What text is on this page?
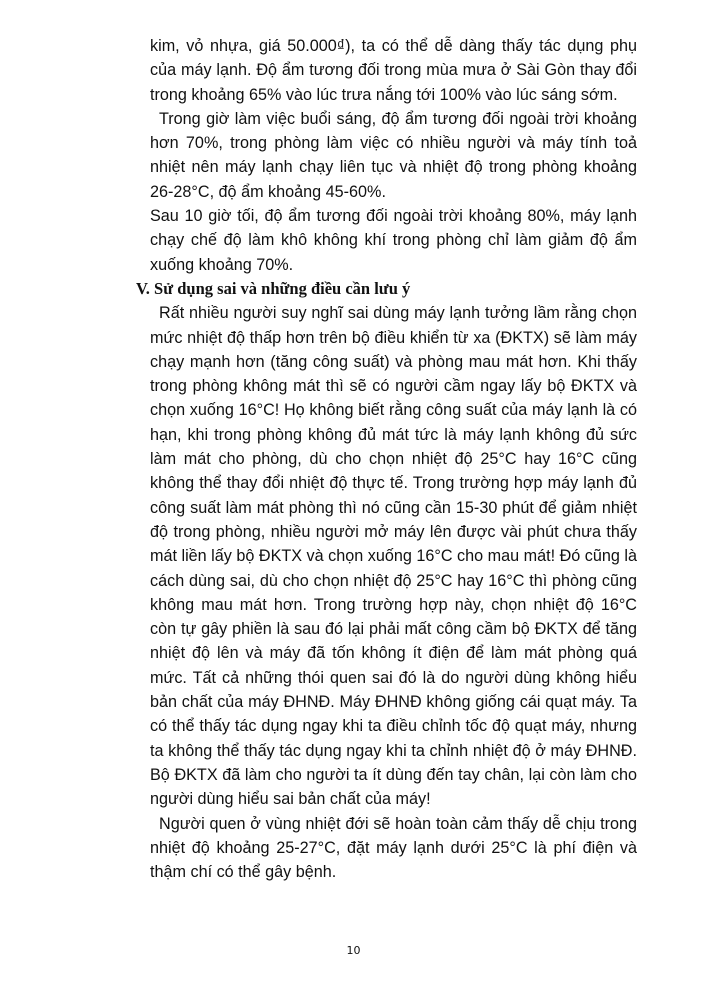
kim, vỏ nhựa, giá 50.000₫), ta có thể dễ dàng thấy tác dụng phụ của máy lạnh. Độ ẩm tương đối trong mùa mưa ở Sài Gòn thay đổi trong khoảng 65% vào lúc trưa nắng tới 100% vào lúc sáng sớm.

Trong giờ làm việc buổi sáng, độ ẩm tương đối ngoài trời khoảng hơn 70%, trong phòng làm việc có nhiều người và máy tính toả nhiệt nên máy lạnh chạy liên tục và nhiệt độ trong phòng khoảng 26-28°C, độ ẩm khoảng 45-60%.

Sau 10 giờ tối, độ ẩm tương đối ngoài trời khoảng 80%, máy lạnh chạy chế độ làm khô không khí trong phòng chỉ làm giảm độ ẩm xuống khoảng 70%.

V. Sử dụng sai và những điều cần lưu ý

Rất nhiều người suy nghĩ sai dùng máy lạnh tưởng lầm rằng chọn mức nhiệt độ thấp hơn trên bộ điều khiển từ xa (ĐKTX) sẽ làm máy chạy mạnh hơn (tăng công suất) và phòng mau mát hơn. Khi thấy trong phòng không mát thì sẽ có người cầm ngay lấy bộ ĐKTX và chọn xuống 16°C! Họ không biết rằng công suất của máy lạnh là có hạn, khi trong phòng không đủ mát tức là máy lạnh không đủ sức làm mát cho phòng, dù cho chọn nhiệt độ 25°C hay 16°C cũng không thể thay đổi nhiệt độ thực tế. Trong trường hợp máy lạnh đủ công suất làm mát phòng thì nó cũng cần 15-30 phút để giảm nhiệt độ trong phòng, nhiều người mở máy lên được vài phút chưa thấy mát liền lấy bộ ĐKTX và chọn xuống 16°C cho mau mát! Đó cũng là cách dùng sai, dù cho chọn nhiệt độ 25°C hay 16°C thì phòng cũng không mau mát hơn. Trong trường hợp này, chọn nhiệt độ 16°C còn tự gây phiền là sau đó lại phải mất công cầm bộ ĐKTX để tăng nhiệt độ lên và máy đã tốn không ít điện để làm mát phòng quá mức. Tất cả những thói quen sai đó là do người dùng không hiểu bản chất của máy ĐHNĐ. Máy ĐHNĐ không giống cái quạt máy. Ta có thể thấy tác dụng ngay khi ta điều chỉnh tốc độ quạt máy, nhưng ta không thể thấy tác dụng ngay khi ta chỉnh nhiệt độ ở máy ĐHNĐ. Bộ ĐKTX đã làm cho người ta ít dùng đến tay chân, lại còn làm cho người dùng hiểu sai bản chất của máy!

Người quen ở vùng nhiệt đới sẽ hoàn toàn cảm thấy dễ chịu trong nhiệt độ khoảng 25-27°C, đặt máy lạnh dưới 25°C là phí điện và thậm chí có thể gây bệnh.

10
